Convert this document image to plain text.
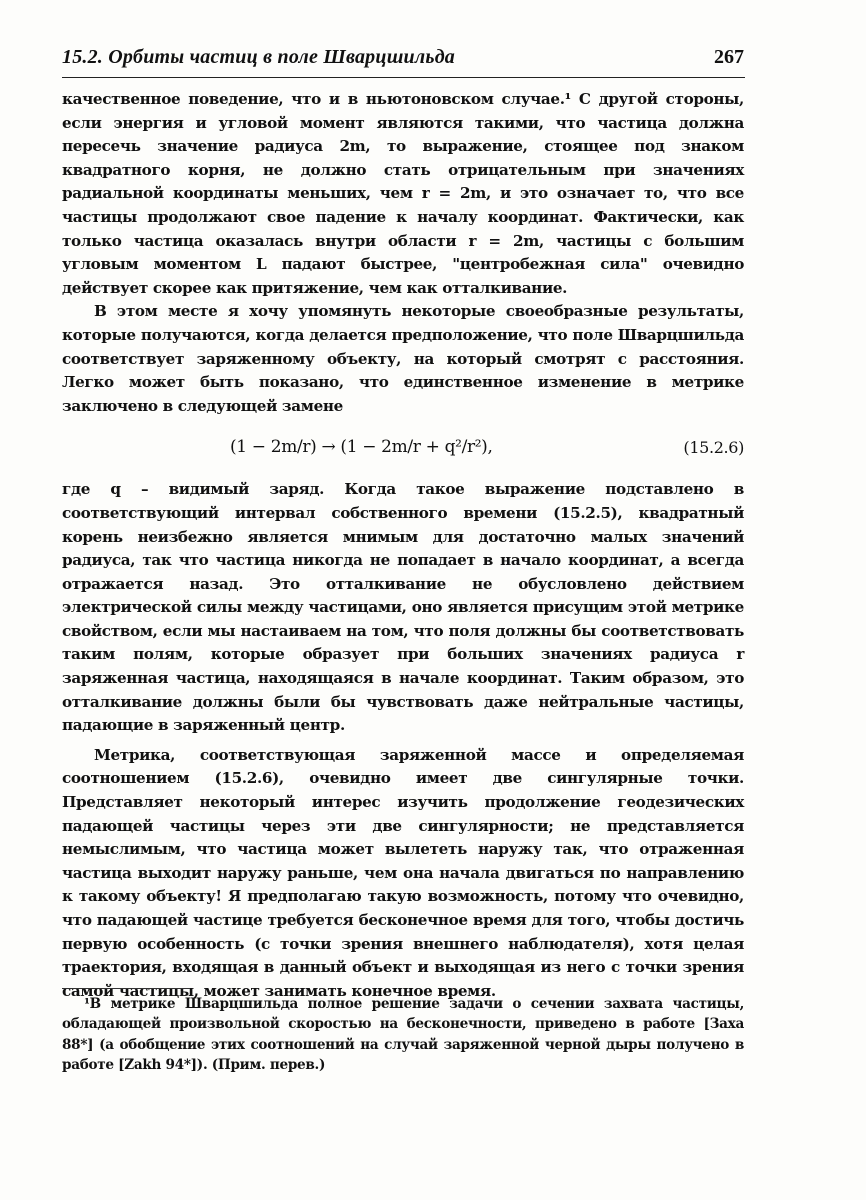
15.2. Орбиты частиц в поле Шварцшильда	267

качественное поведение, что и в ньютоновском случае.¹ С другой стороны, если энергия и угловой момент являются такими, что частица должна пересечь значение радиуса 2m, то выражение, стоящее под знаком квадратного корня, не должно стать отрицательным при значениях радиальной координаты меньших, чем r = 2m, и это означает то, что все частицы продолжают свое падение к началу координат. Фактически, как только частица оказалась внутри области r = 2m, частицы с большим угловым моментом L падают быстрее, "центробежная сила" очевидно действует скорее как притяжение, чем как отталкивание.

В этом месте я хочу упомянуть некоторые своеобразные результаты, которые получаются, когда делается предположение, что поле Шварцшильда соответствует заряженному объекту, на который смотрят с расстояния. Легко может быть показано, что единственное изменение в метрике заключено в следующей замене

(1 − 2m/r) → (1 − 2m/r + q²/r²),	(15.2.6)

где q – видимый заряд. Когда такое выражение подставлено в соответствующий интервал собственного времени (15.2.5), квадратный корень неизбежно является мнимым для достаточно малых значений радиуса, так что частица никогда не попадает в начало координат, а всегда отражается назад. Это отталкивание не обусловлено действием электрической силы между частицами, оно является присущим этой метрике свойством, если мы настаиваем на том, что поля должны бы соответствовать таким полям, которые образует при больших значениях радиуса r заряженная частица, находящаяся в начале координат. Таким образом, это отталкивание должны были бы чувствовать даже нейтральные частицы, падающие в заряженный центр.

Метрика, соответствующая заряженной массе и определяемая соотношением (15.2.6), очевидно имеет две сингулярные точки. Представляет некоторый интерес изучить продолжение геодезических падающей частицы через эти две сингулярности; не представляется немыслимым, что частица может вылететь наружу так, что отраженная частица выходит наружу раньше, чем она начала двигаться по направлению к такому объекту! Я предполагаю такую возможность, потому что очевидно, что падающей частице требуется бесконечное время для того, чтобы достичь первую особенность (с точки зрения внешнего наблюдателя), хотя целая траектория, входящая в данный объект и выходящая из него с точки зрения самой частицы, может занимать конечное время.

¹В метрике Шварцшильда полное решение задачи о сечении захвата частицы, обладающей произвольной скоростью на бесконечности, приведено в работе [Заха 88*] (а обобщение этих соотношений на случай заряженной черной дыры получено в работе [Zakh 94*]). (Прим. перев.)
